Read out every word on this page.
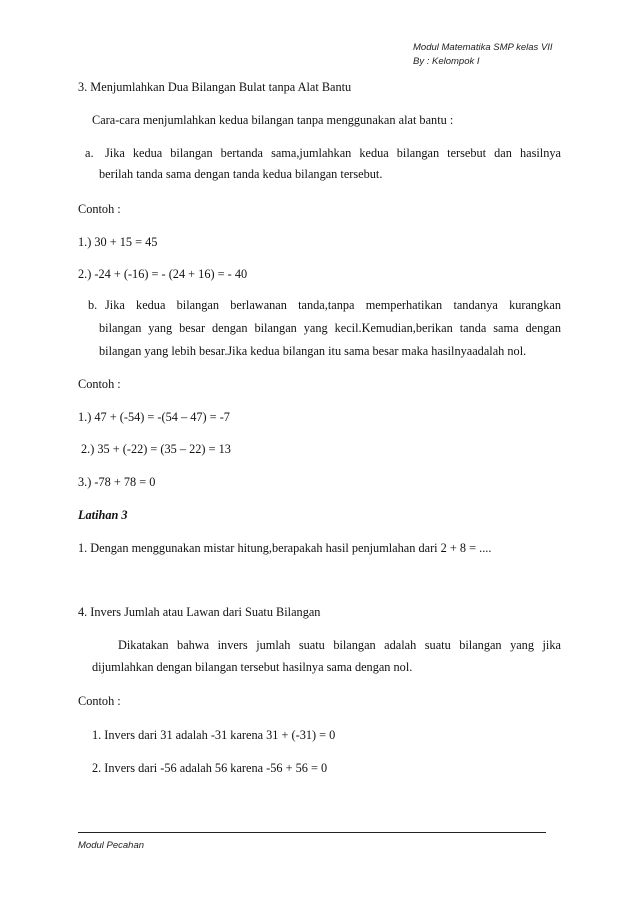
Modul Matematika SMP kelas VII
By : Kelompok I
3. Menjumlahkan Dua Bilangan Bulat tanpa Alat Bantu
Cara-cara menjumlahkan kedua bilangan tanpa menggunakan alat bantu :
a. Jika kedua bilangan bertanda sama,jumlahkan kedua bilangan tersebut dan hasilnya
berilah tanda sama dengan tanda kedua bilangan tersebut.
Contoh :
1.) 30 + 15 = 45
2.) -24 + (-16) = - (24 + 16) = - 40
b. Jika kedua bilangan berlawanan tanda,tanpa memperhatikan tandanya kurangkan
bilangan yang besar dengan bilangan yang kecil.Kemudian,berikan tanda sama dengan
bilangan yang lebih besar.Jika kedua bilangan itu sama besar maka hasilnyaadalah nol.
Contoh :
1.) 47 + (-54) = -(54 – 47) = -7
2.) 35 + (-22) = (35 – 22) = 13
3.) -78 + 78 = 0
Latihan 3
1. Dengan menggunakan mistar hitung,berapakah hasil penjumlahan dari 2 + 8 = ....
4. Invers Jumlah atau Lawan dari Suatu Bilangan
Dikatakan bahwa invers jumlah suatu bilangan adalah suatu bilangan yang jika
dijumlahkan dengan bilangan tersebut hasilnya sama dengan nol.
Contoh :
1. Invers dari 31 adalah -31 karena 31 + (-31) = 0
2. Invers dari -56 adalah 56 karena -56 + 56 = 0
Modul Pecahan
